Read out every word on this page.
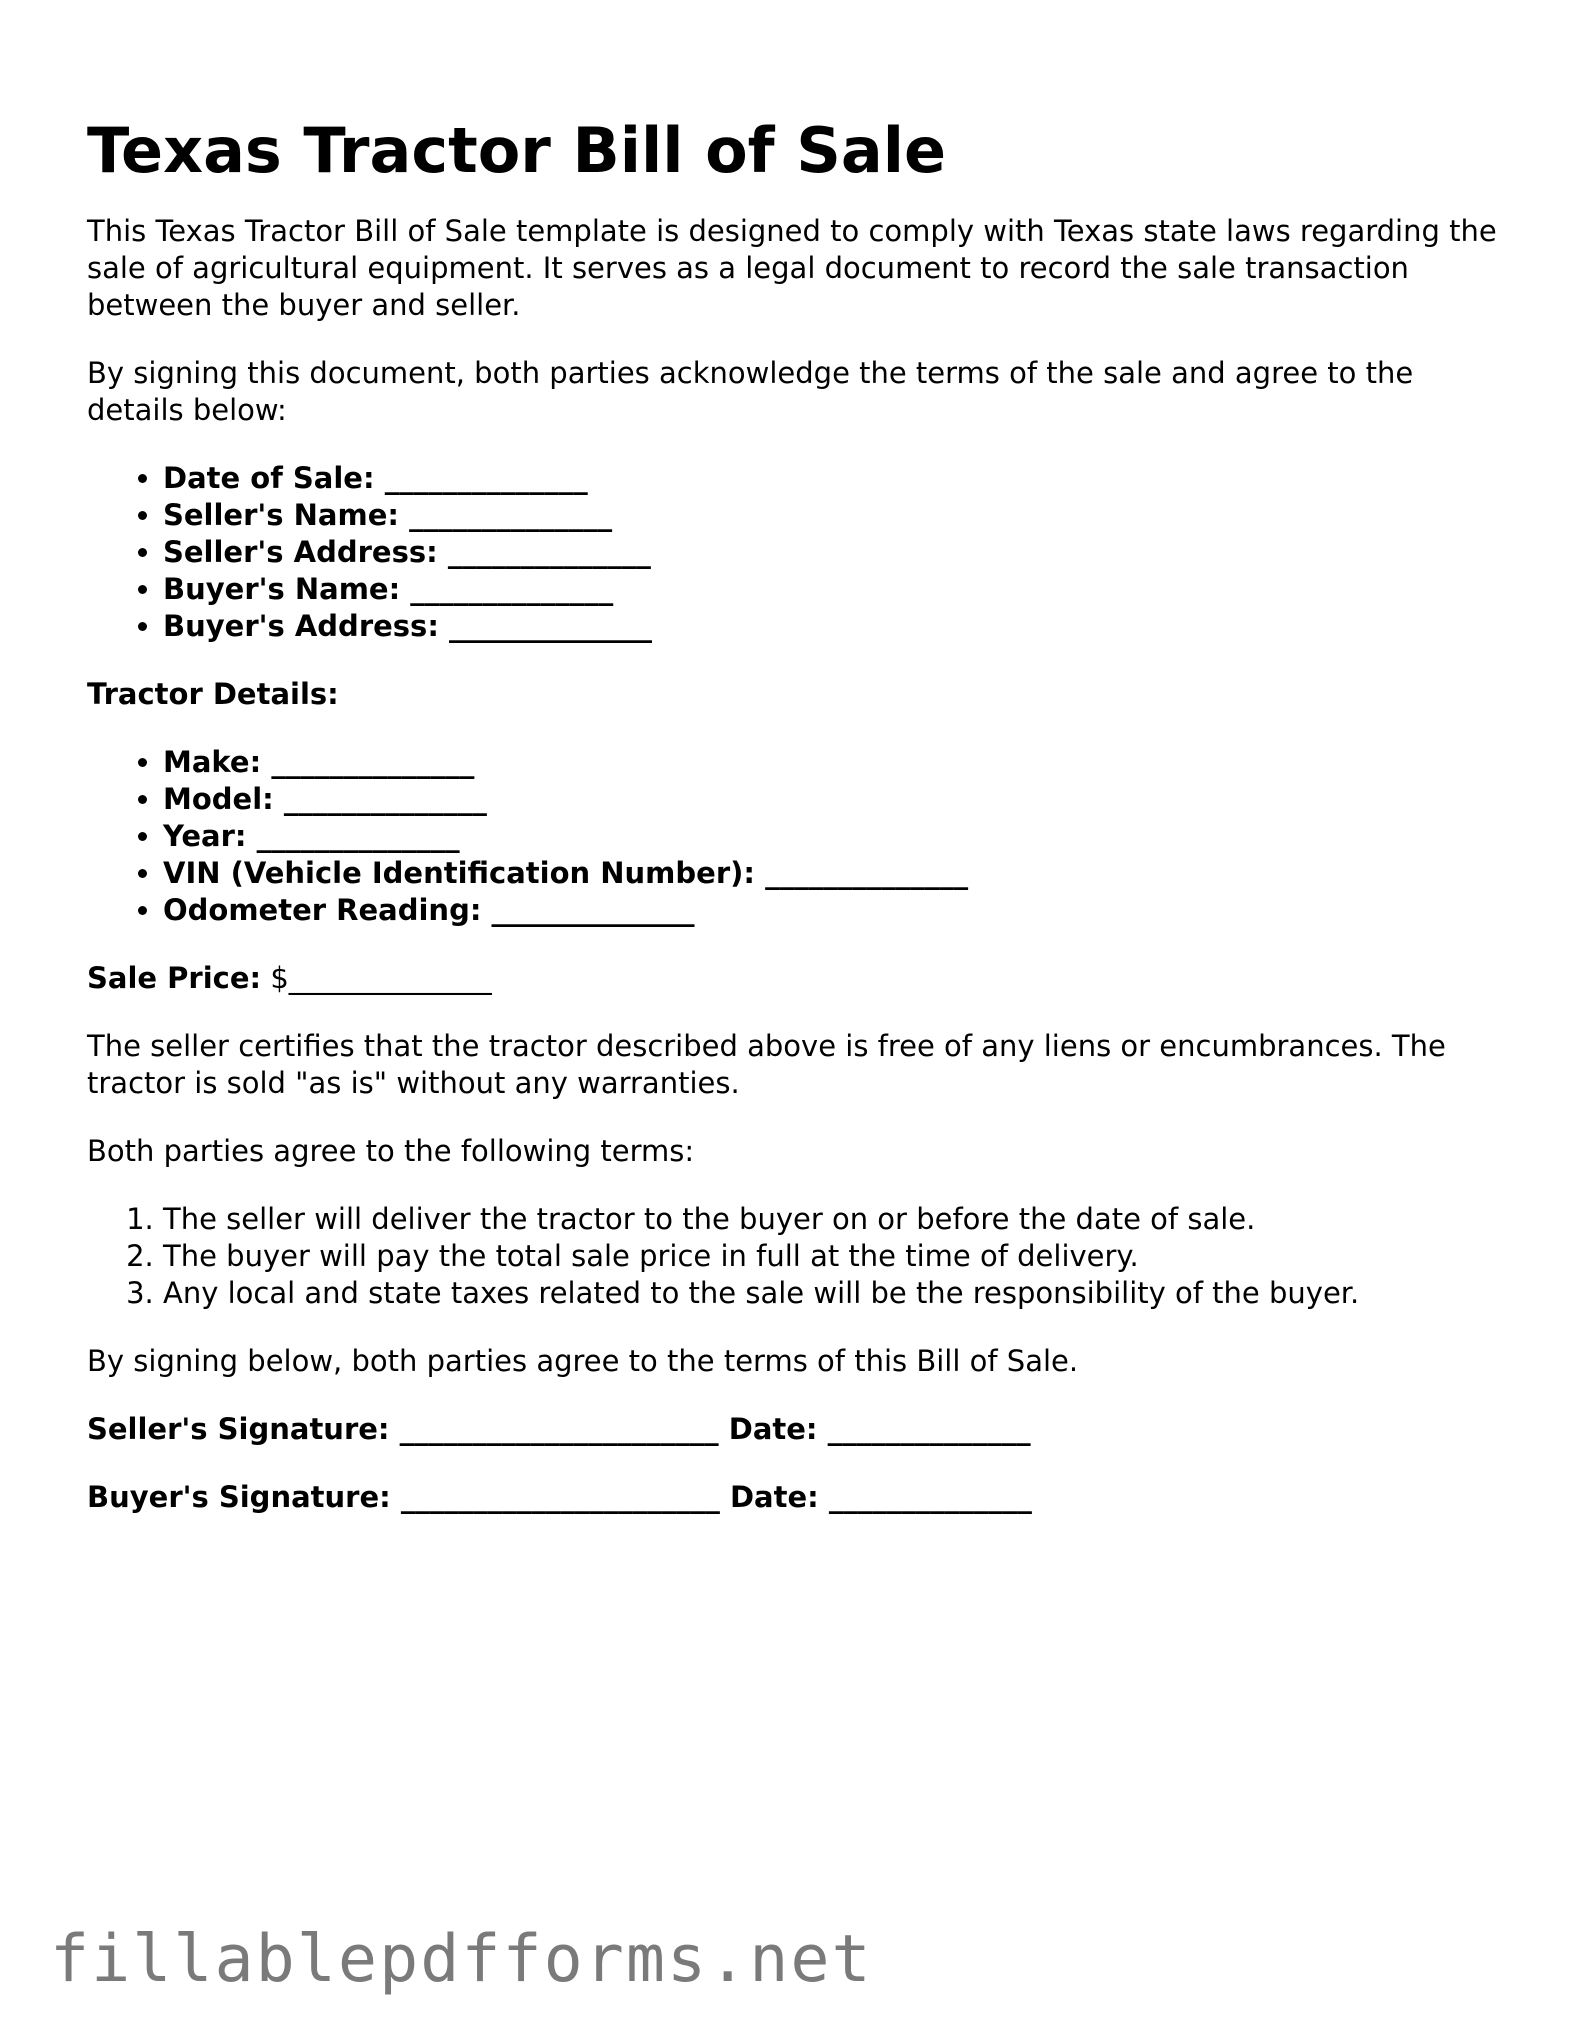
Texas Tractor Bill of Sale

This Texas Tractor Bill of Sale template is designed to comply with Texas state laws regarding the sale of agricultural equipment. It serves as a legal document to record the sale transaction between the buyer and seller.

By signing this document, both parties acknowledge the terms of the sale and agree to the details below:

• Date of Sale: ______________
• Seller's Name: ______________
• Seller's Address: ______________
• Buyer's Name: ______________
• Buyer's Address: ______________

Tractor Details:

• Make: ______________
• Model: ______________
• Year: ______________
• VIN (Vehicle Identification Number): ______________
• Odometer Reading: ______________

Sale Price: $______________

The seller certifies that the tractor described above is free of any liens or encumbrances. The tractor is sold "as is" without any warranties.

Both parties agree to the following terms:

1. The seller will deliver the tractor to the buyer on or before the date of sale.
2. The buyer will pay the total sale price in full at the time of delivery.
3. Any local and state taxes related to the sale will be the responsibility of the buyer.

By signing below, both parties agree to the terms of this Bill of Sale.

Seller's Signature: ______________________ Date: ______________

Buyer's Signature: ______________________ Date: ______________

fillablepdfforms.net
